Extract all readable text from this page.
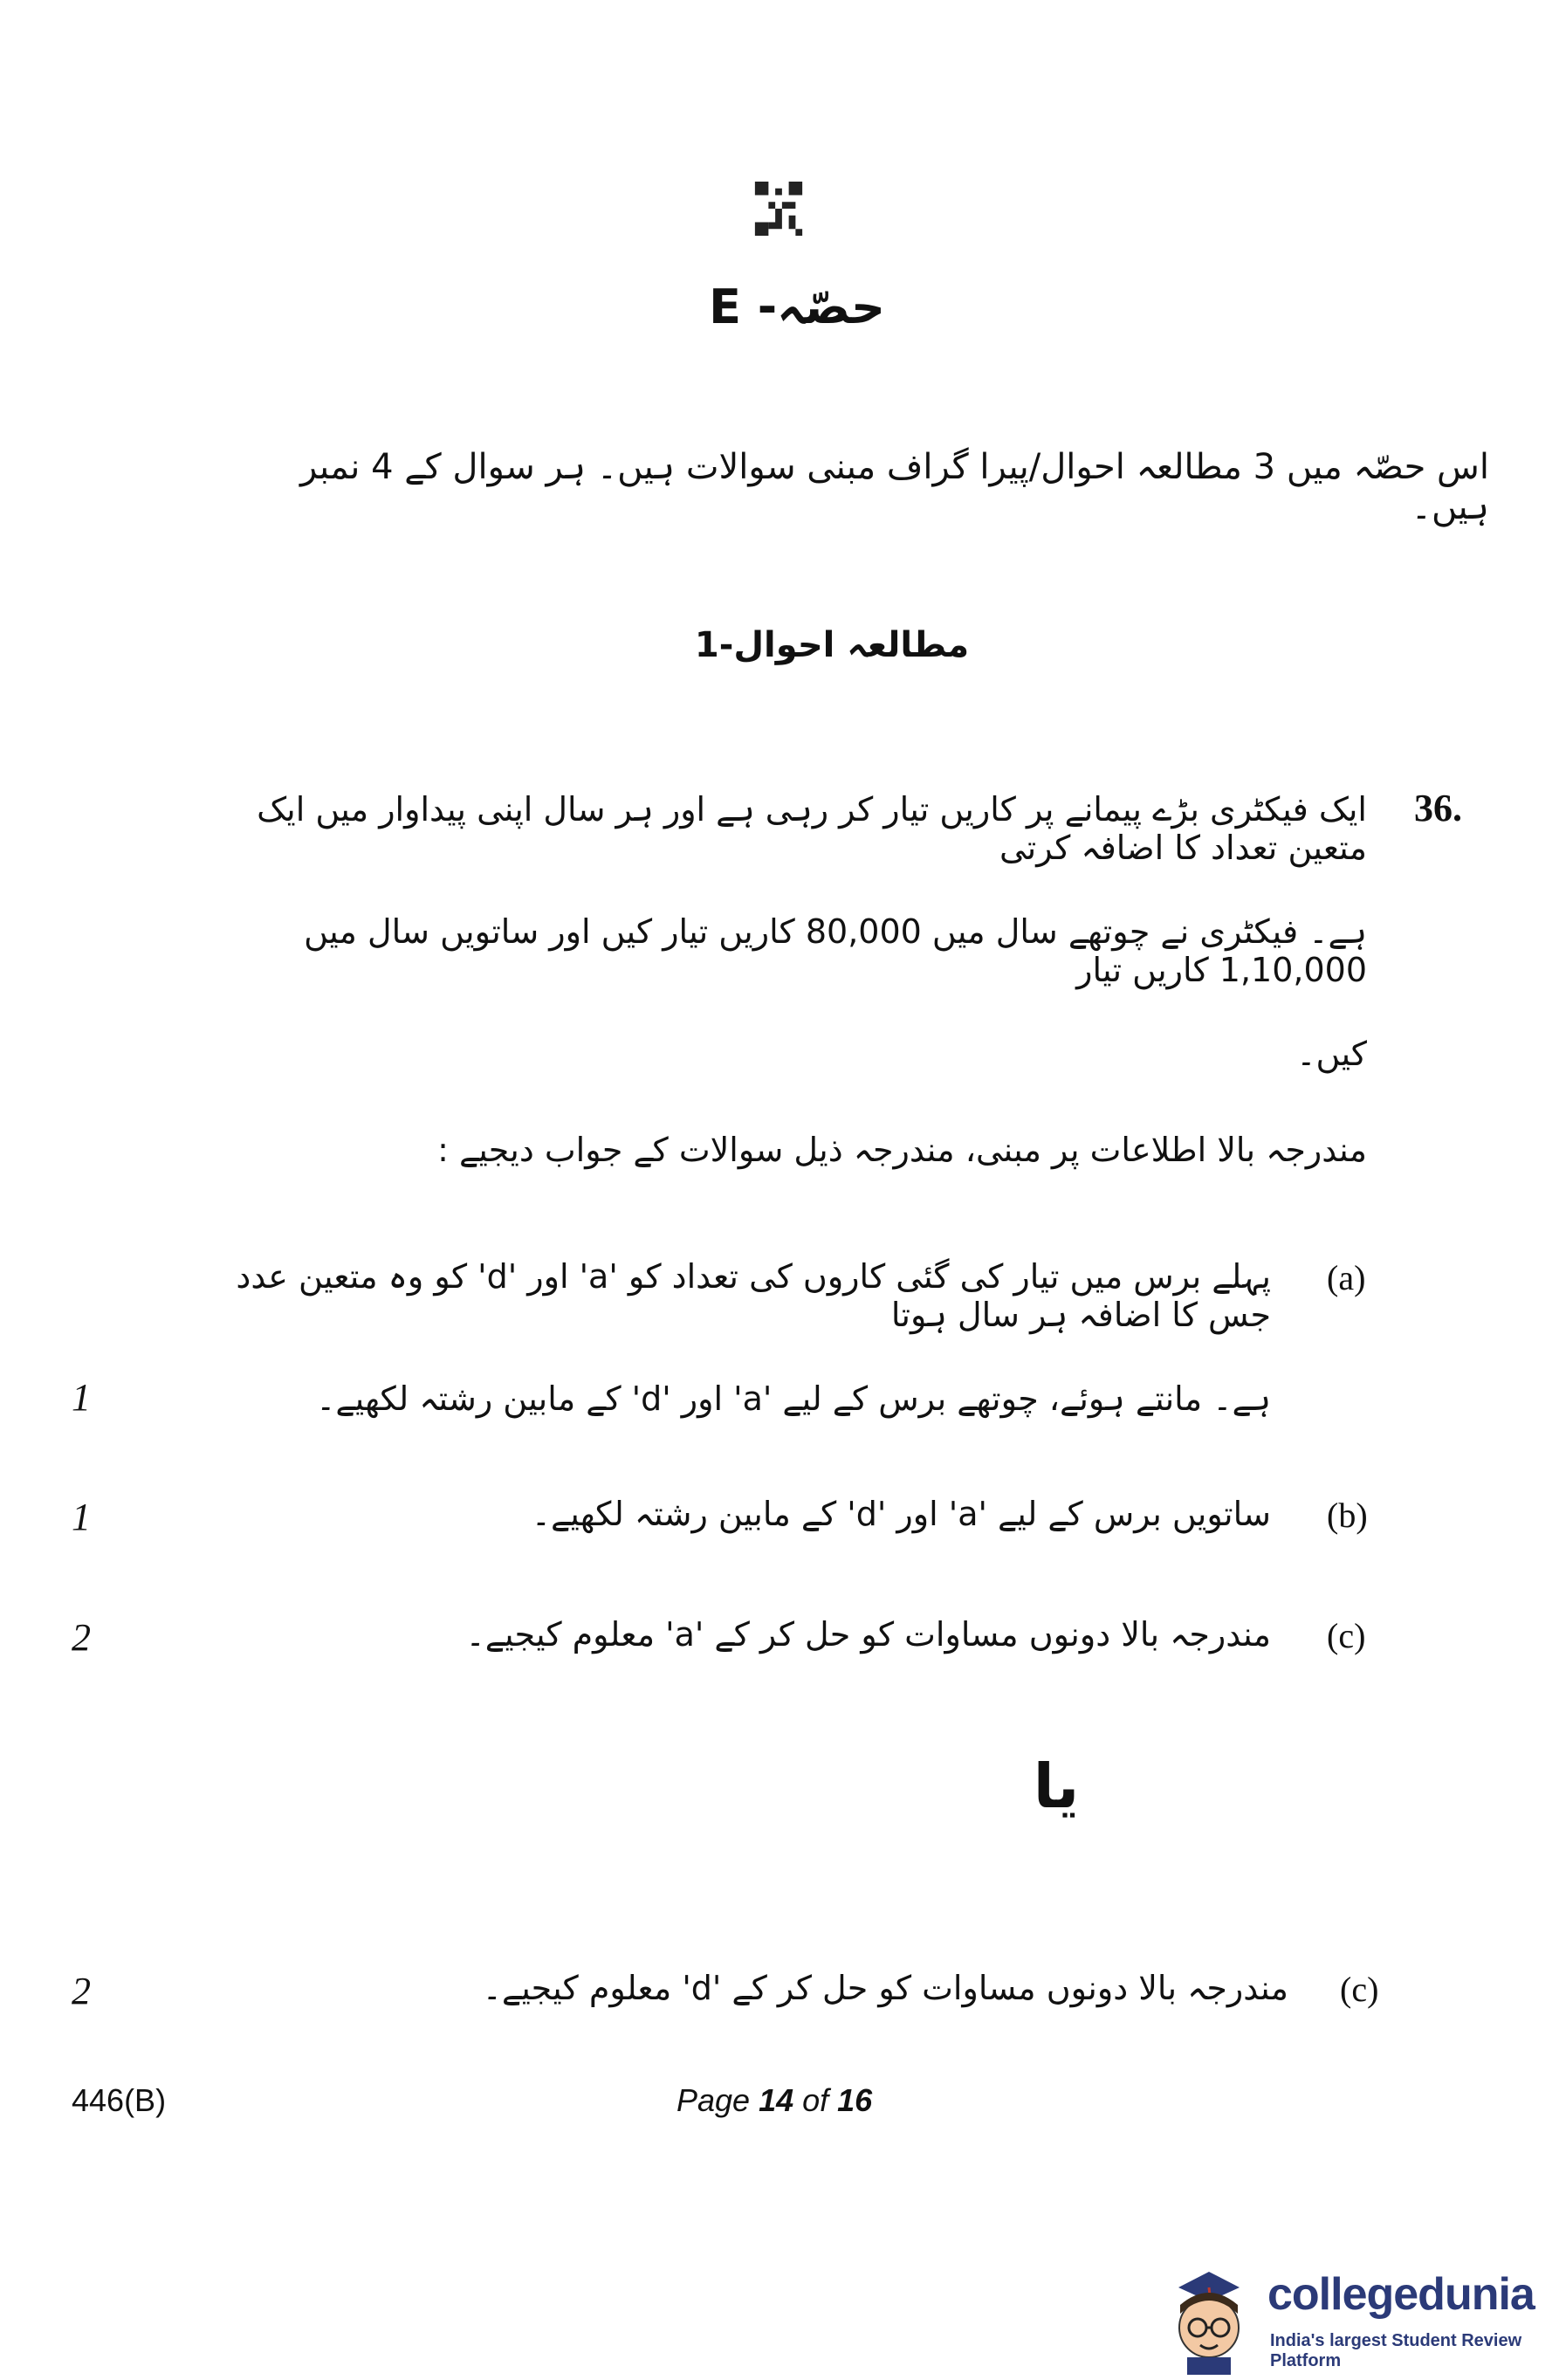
حصّہ- E
اس حصّہ میں 3 مطالعہ احوال/پیرا گراف مبنی سوالات ہیں۔ ہر سوال کے 4 نمبر ہیں۔
مطالعہ احوال-1
36.
ایک فیکٹری بڑے پیمانے پر کاریں تیار کر رہی ہے اور ہر سال اپنی پیداوار میں ایک متعین تعداد کا اضافہ کرتی
ہے۔ فیکٹری نے چوتھے سال میں 80,000 کاریں تیار کیں اور ساتویں سال میں 1,10,000 کاریں تیار
کیں۔
مندرجہ بالا اطلاعات پر مبنی، مندرجہ ذیل سوالات کے جواب دیجیے :
(a)
پہلے برس میں تیار کی گئی کاروں کی تعداد کو 'a' اور 'd' کو وہ متعین عدد جس کا اضافہ ہر سال ہوتا
ہے۔ مانتے ہوئے، چوتھے برس کے لیے 'a' اور 'd' کے مابین رشتہ لکھیے۔
1
(b)
ساتویں برس کے لیے 'a' اور 'd' کے مابین رشتہ لکھیے۔
1
(c)
مندرجہ بالا دونوں مساوات کو حل کر کے 'a' معلوم کیجیے۔
2
یا
(c)
مندرجہ بالا دونوں مساوات کو حل کر کے 'd' معلوم کیجیے۔
2
446(B)	Page 14 of 16
collegedunia
India's largest Student Review Platform
